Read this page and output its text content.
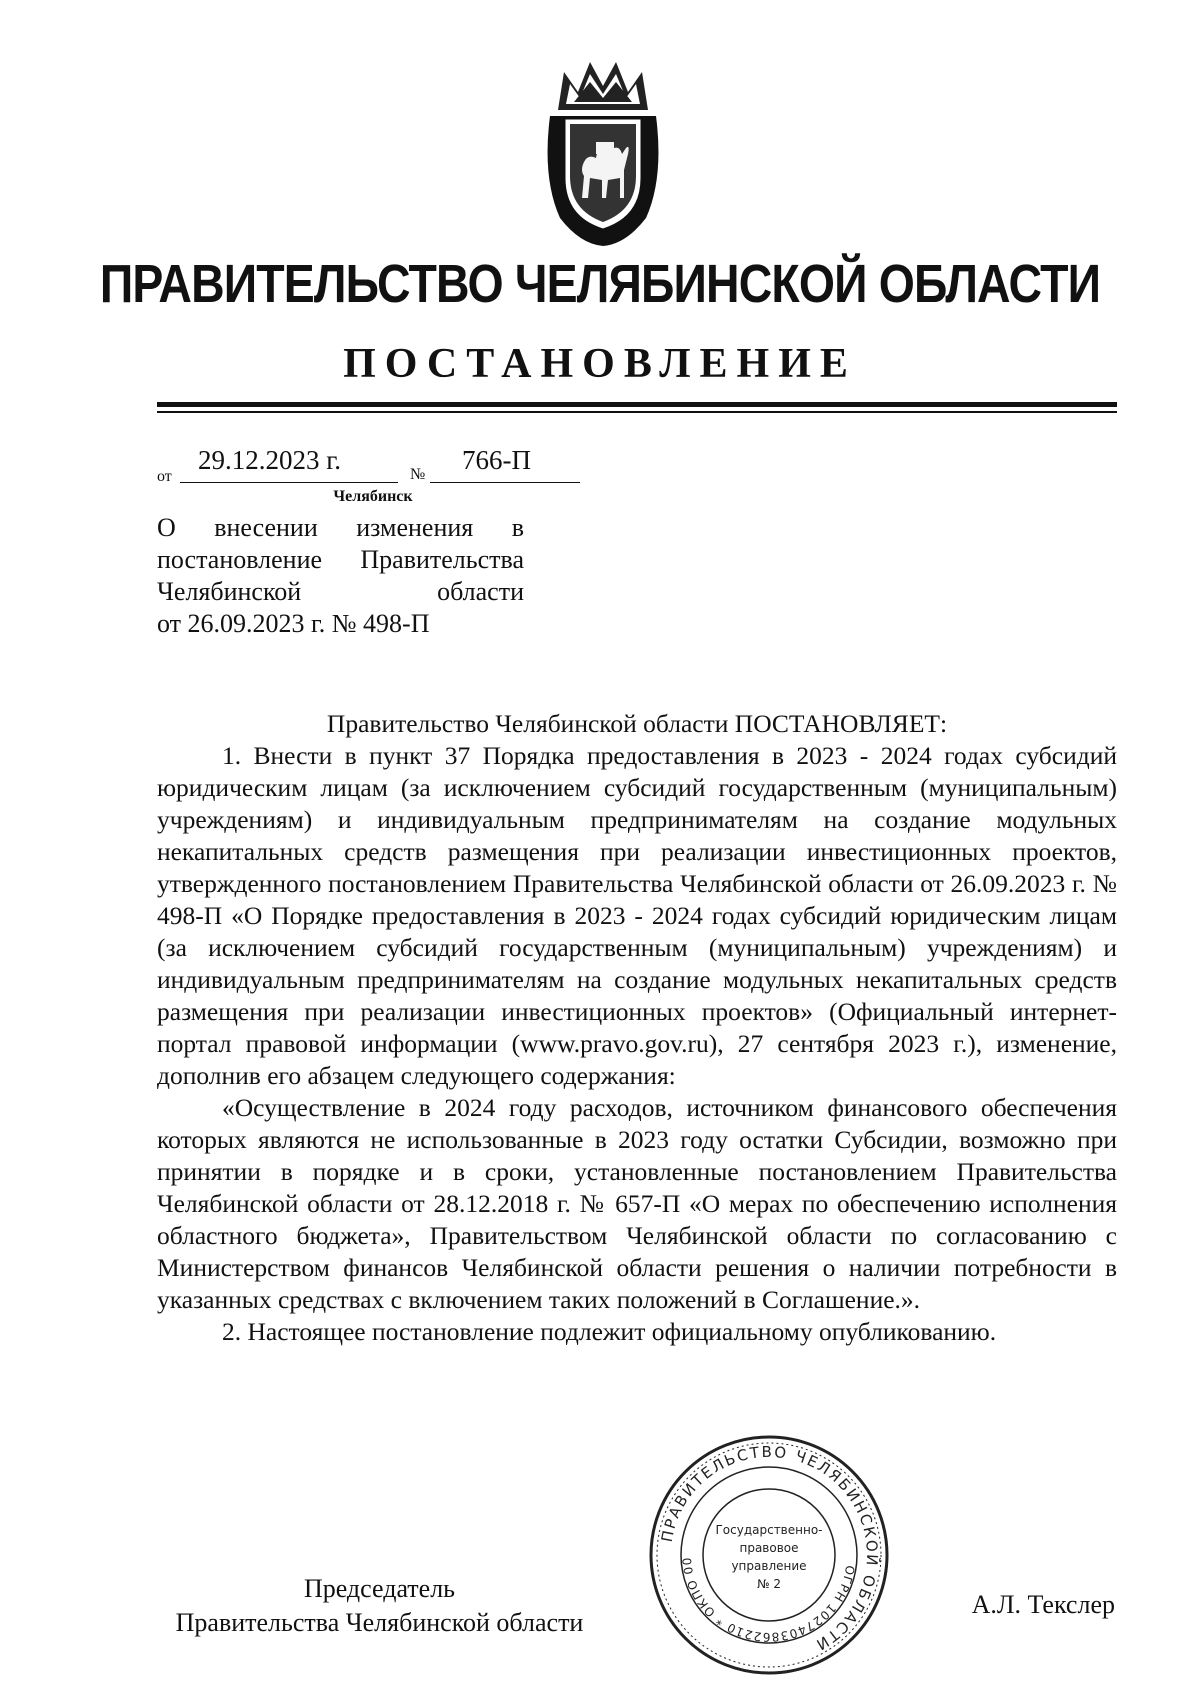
ПРАВИТЕЛЬСТВО ЧЕЛЯБИНСКОЙ ОБЛАСТИ
ПОСТАНОВЛЕНИЕ
от
29.12.2023 г.	№ 766-П
Челябинск
О внесении изменения в
постановление Правительства
Челябинской области
от 26.09.2023 г. № 498-П
Правительство Челябинской области ПОСТАНОВЛЯЕТ:

1. Внести в пункт 37 Порядка предоставления в 2023 - 2024 годах субсидий юридическим лицам (за исключением субсидий государственным (муниципальным) учреждениям) и индивидуальным предпринимателям на создание модульных некапитальных средств размещения при реализации инвестиционных проектов, утвержденного постановлением Правительства Челябинской области от 26.09.2023 г. № 498-П «О Порядке предоставления в 2023 - 2024 годах субсидий юридическим лицам (за исключением субсидий государственным (муниципальным) учреждениям) и индивидуальным предпринимателям на создание модульных некапитальных средств размещения при реализации инвестиционных проектов» (Официальный интернет-портал правовой информации (www.pravo.gov.ru), 27 сентября 2023 г.), изменение, дополнив его абзацем следующего содержания:

«Осуществление в 2024 году расходов, источником финансового обеспечения которых являются не использованные в 2023 году остатки Субсидии, возможно при принятии в порядке и в сроки, установленные постановлением Правительства Челябинской области от 28.12.2018 г. № 657-П «О мерах по обеспечению исполнения областного бюджета», Правительством Челябинской области по согласованию с Министерством финансов Челябинской области решения о наличии потребности в указанных средствах с включением таких положений в Соглашение.».

2. Настоящее постановление подлежит официальному опубликованию.

Председатель
Правительства Челябинской области
А.Л. Текслер
ПРАВИТЕЛЬСТВО ЧЕЛЯБИНСКОЙ ОБЛАСТИ
ОГРН 1027403862210 * ОКПО 00
Государственно-
правовое
управление
№ 2
